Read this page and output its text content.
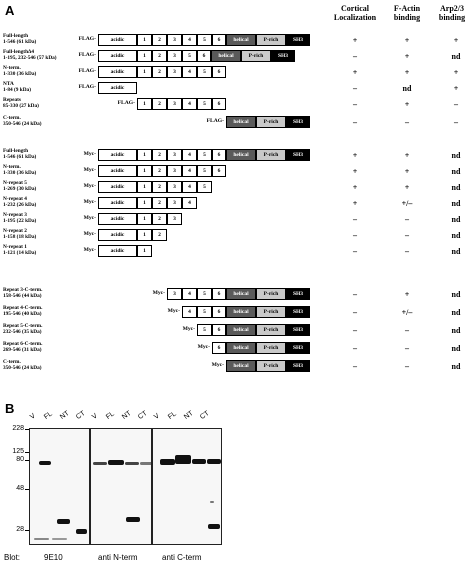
A	Cortical Localization
F-Actin binding
Arp2/3 binding
Full-length
1-546 (61 kDa)	FLAG-	acidic	1	2	3	4	5	6	helical	P-rich	SH3	+	+	+
Full-lengthΔ4
1-195, 232-546 (57 kDa)	FLAG-	acidic	1	2	3	5	6	helical	P-rich	SH3	–	+	nd
N-term.
1-330 (36 kDa)	FLAG-	acidic	1	2	3	4	5	6	+	+	+
NTA
1-84 (9 kDa)	FLAG-	acidic	–	nd	+
Repeats
85-330 (27 kDa)	FLAG-	1	2	3	4	5	6	–	+	–
C-term.
350-546 (24 kDa)	FLAG-	helical	P-rich	SH3	–	–	–
Full-length
1-546 (61 kDa)	Myc-	acidic	1	2	3	4	5	6	helical	P-rich	SH3	+	+	nd
N-term.
1-330 (36 kDa)	Myc-	acidic	1	2	3	4	5	6	+	+	nd
N-repeat 5
1-269 (30 kDa)	Myc-	acidic	1	2	3	4	5	+	+	nd
N-repeat 4
1-232 (26 kDa)	Myc-	acidic	1	2	3	4	+	+/–	nd
N-repeat 3
1-195 (22 kDa)	Myc-	acidic	1	2	3	–	–	nd
N-repeat 2
1-158 (18 kDa)	Myc-	acidic	1	2	–	–	nd
N-repeat 1
1-121 (14 kDa)	Myc-	acidic	1	–	–	nd
Repeat 3-C-term.
158-546 (44 kDa)	Myc-	3	4	5	6	helical	P-rich	SH3	–	+	nd
Repeat 4-C-term.
195-546 (40 kDa)	Myc-	4	5	6	helical	P-rich	SH3	–	+/–	nd
Repeat 5-C-term.
232-546 (35 kDa)	Myc-	5	6	helical	P-rich	SH3	–	–	nd
Repeat 6-C-term.
269-546 (31 kDa)	Myc-	6	helical	P-rich	SH3	–	–	nd
C-term.
350-546 (24 kDa)	Myc-	helical	P-rich	SH3	–	–	nd
B
228
125
80
48
28
V FL NT CT V FL NT CT V FL NT CT
Blot:	9E10	anti N-term	anti C-term
